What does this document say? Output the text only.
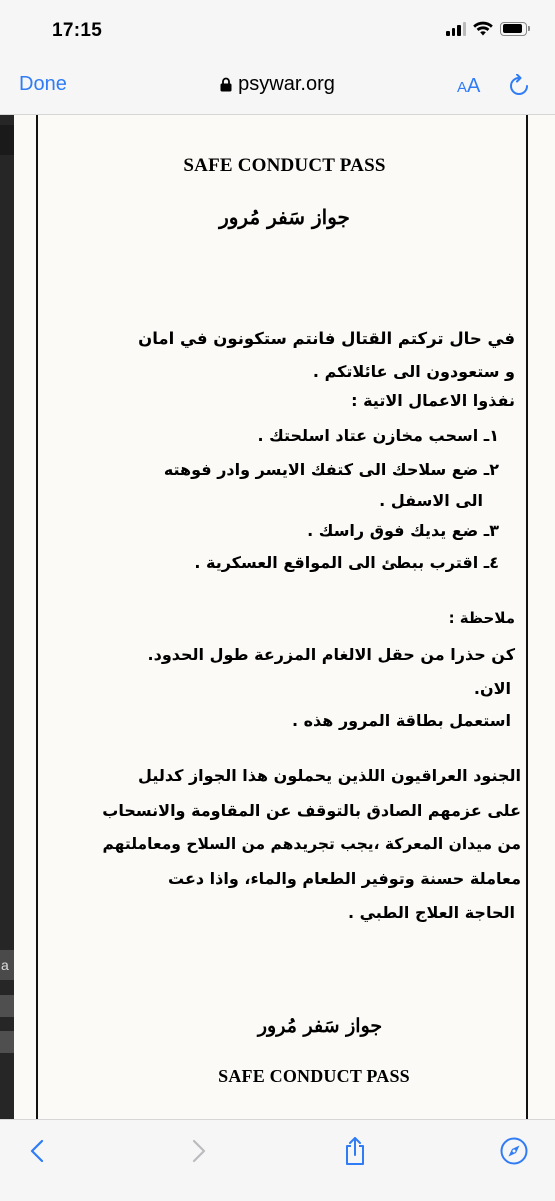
17:15
Done	psywar.org	AA
a
SAFE CONDUCT PASS
جواز سَفر مُرور
في حال تركتم القتال فانتم ستكونون في امان
و ستعودون الى عائلاتكم .
نفذوا الاعمال الاتية :
١ـ اسحب مخازن عتاد اسلحتك .
٢ـ ضع سلاحك الى كتفك الايسر وادر فوهته
الى الاسفل .
٣ـ ضع يديك فوق راسك .
٤ـ اقترب ببطئ الى المواقع العسكرية .
ملاحظة :
كن حذرا من حقل الالغام المزرعة طول الحدود.
الان.
استعمل بطاقة المرور هذه .
الجنود العراقيون اللذين يحملون هذا الجواز كدليل
على عزمهم الصادق بالتوقف عن المقاومة والانسحاب
من ميدان المعركة ،يجب تجريدهم من السلاح ومعاملتهم
معاملة حسنة وتوفير الطعام والماء، واذا دعت
الحاجة العلاج الطبي .
جواز سَفر مُرور
SAFE CONDUCT PASS
